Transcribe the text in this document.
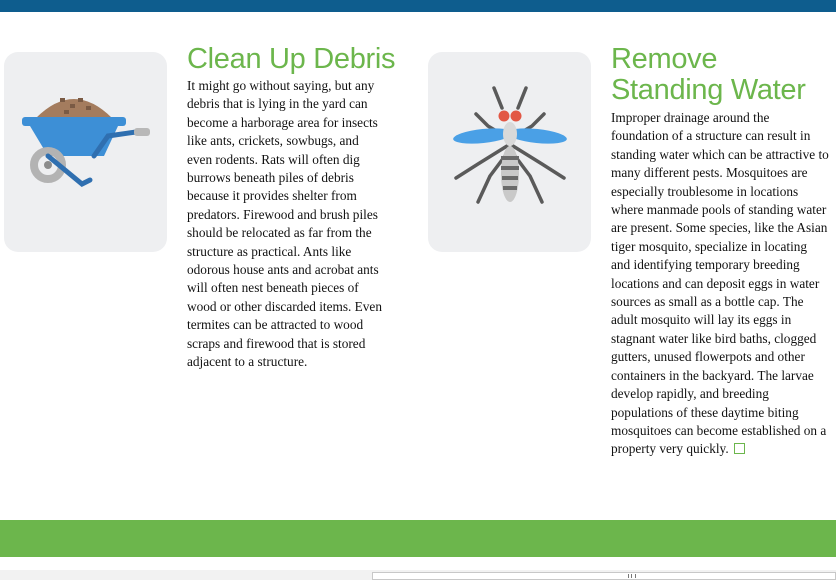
Clean Up Debris

It might go without saying, but any debris that is lying in the yard can become a harborage area for insects like ants, crickets, sowbugs, and even rodents. Rats will often dig burrows beneath piles of debris because it provides shelter from predators. Firewood and brush piles should be relocated as far from the structure as practical. Ants like odorous house ants and acrobat ants will often nest beneath pieces of wood or other discarded items. Even termites can be attracted to wood scraps and firewood that is stored adjacent to a structure.

Remove Standing Water

Improper drainage around the foundation of a structure can result in standing water which can be attractive to many different pests. Mosquitoes are especially troublesome in locations where manmade pools of standing water are present. Some species, like the Asian tiger mosquito, specialize in locating and identifying temporary breeding locations and can deposit eggs in water sources as small as a bottle cap. The adult mosquito will lay its eggs in stagnant water like bird baths, clogged gutters, unused flowerpots and other containers in the backyard. The larvae develop rapidly, and breeding populations of these daytime biting mosquitoes can become established on a property very quickly.
